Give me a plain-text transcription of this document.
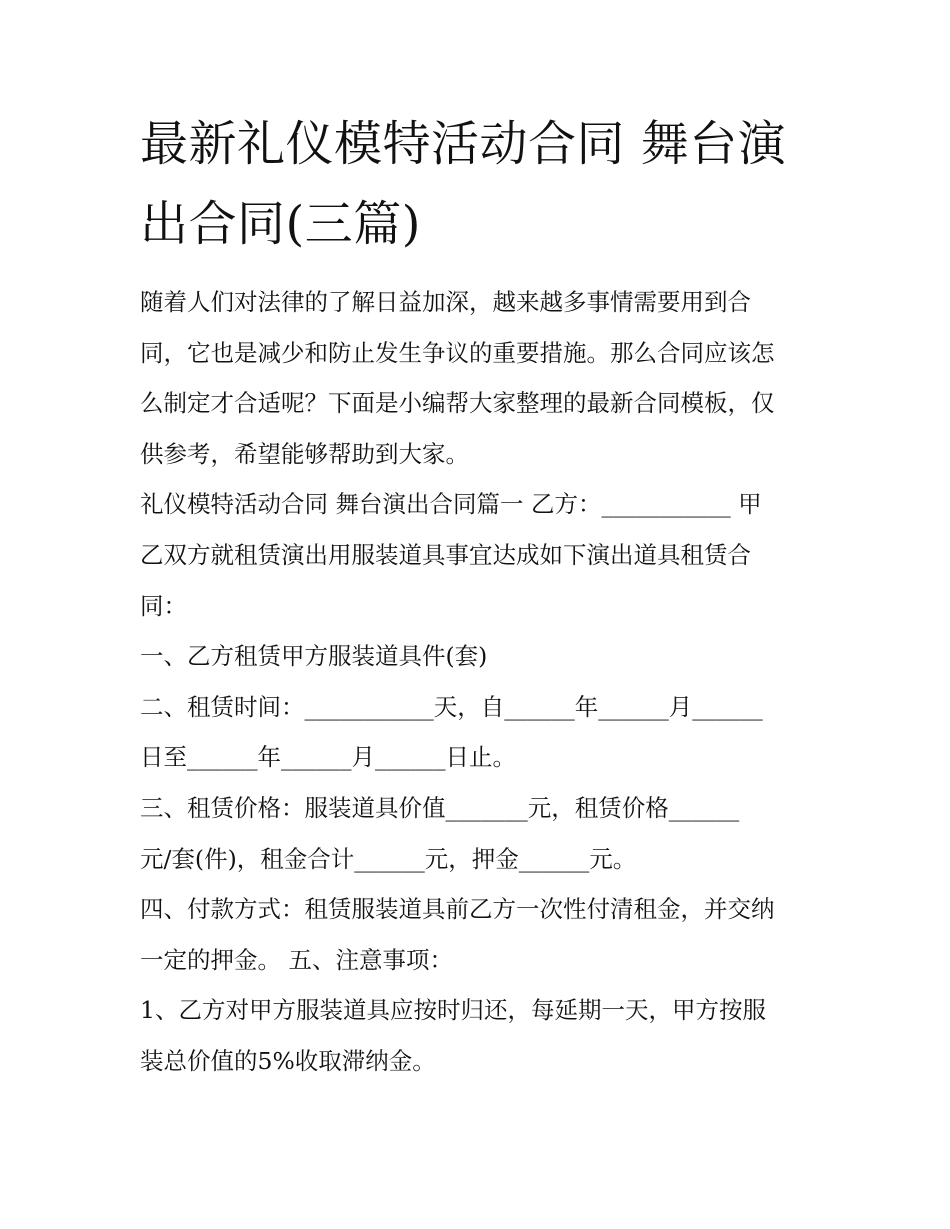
最新礼仪模特活动合同 舞台演
出合同(三篇)
随着人们对法律的了解日益加深，越来越多事情需要用到合
同，它也是减少和防止发生争议的重要措施。那么合同应该怎
么制定才合适呢？下面是小编帮大家整理的最新合同模板，仅
供参考，希望能够帮助到大家。
礼仪模特活动合同 舞台演出合同篇一 乙方：___________ 甲
乙双方就租赁演出用服装道具事宜达成如下演出道具租赁合
同：
一、乙方租赁甲方服装道具件(套)
二、租赁时间：___________天，自______年______月______
日至______年______月______日止。
三、租赁价格：服装道具价值_______元，租赁价格______
元/套(件)，租金合计______元，押金______元。
四、付款方式：租赁服装道具前乙方一次性付清租金，并交纳
一定的押金。 五、注意事项：
1、乙方对甲方服装道具应按时归还，每延期一天，甲方按服
装总价值的5%收取滞纳金。
